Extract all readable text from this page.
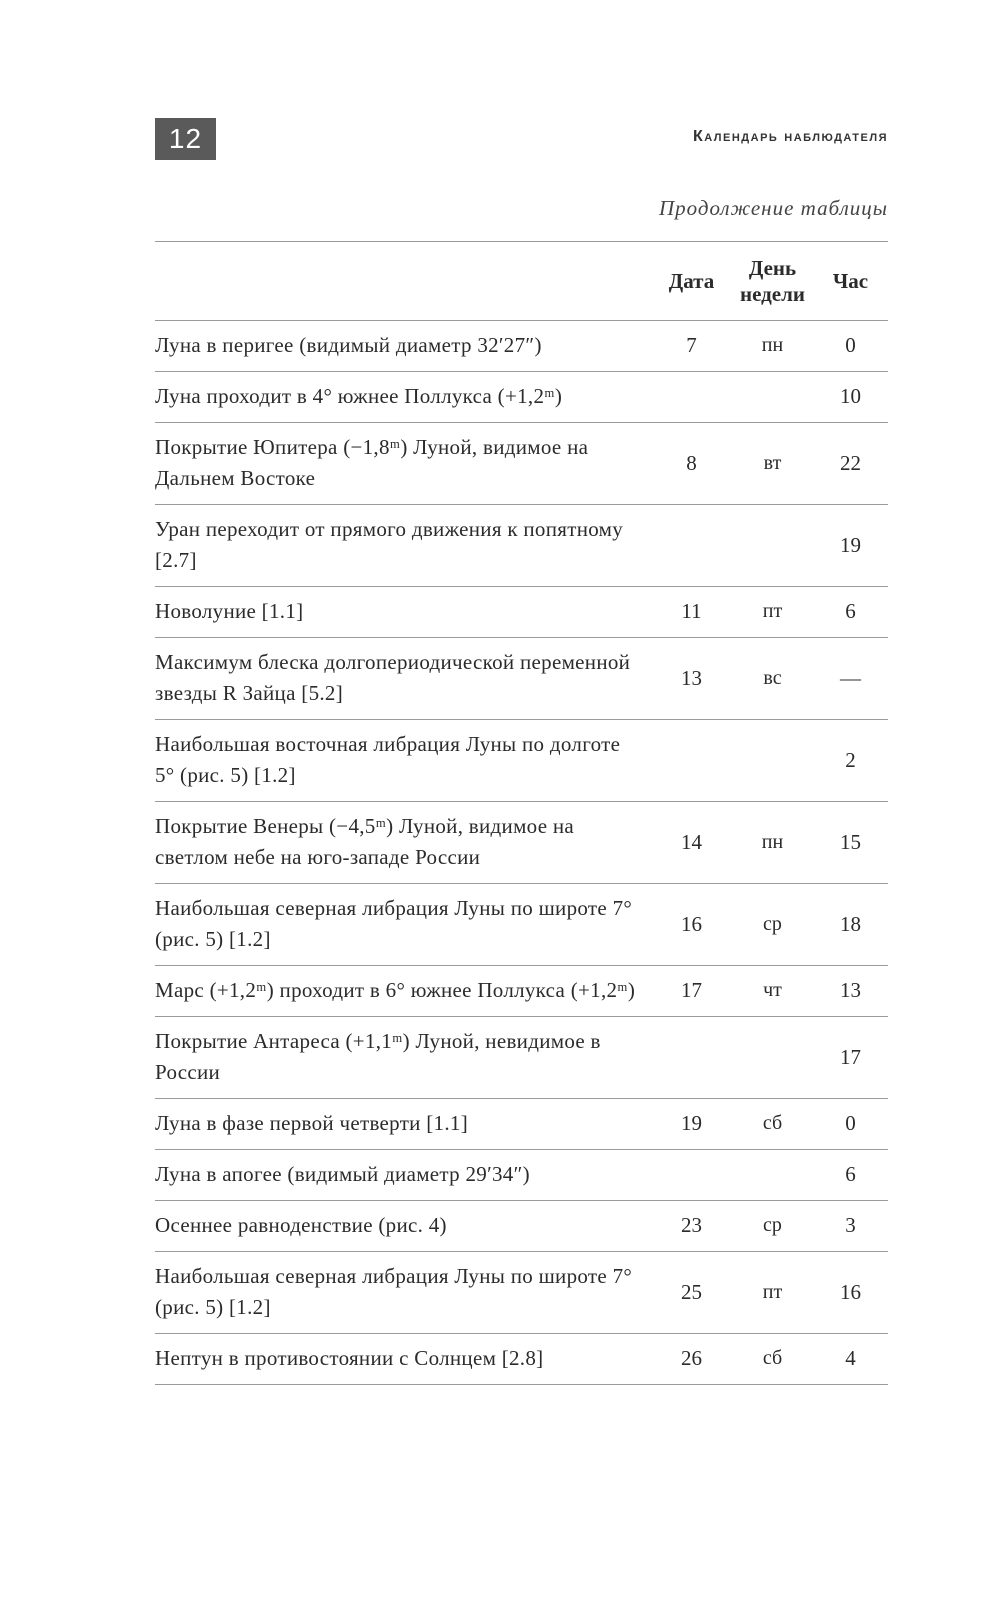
12	Календарь наблюдателя
Продолжение таблицы
	Дата	День недели	Час
Луна в перигее (видимый диаметр 32′27″)	7	пн	0
Луна проходит в 4° южнее Поллукса (+1,2ᵐ)			10
Покрытие Юпитера (−1,8ᵐ) Луной, видимое на Дальнем Востоке	8	вт	22
Уран переходит от прямого движения к попятному [2.7]			19
Новолуние [1.1]	11	пт	6
Максимум блеска долгопериодической переменной звезды R Зайца [5.2]	13	вс	—
Наибольшая восточная либрация Луны по долготе 5° (рис. 5) [1.2]			2
Покрытие Венеры (−4,5ᵐ) Луной, видимое на светлом небе на юго-западе России	14	пн	15
Наибольшая северная либрация Луны по широте 7° (рис. 5) [1.2]	16	ср	18
Марс (+1,2ᵐ) проходит в 6° южнее Поллукса (+1,2ᵐ)	17	чт	13
Покрытие Антареса (+1,1ᵐ) Луной, невидимое в России			17
Луна в фазе первой четверти [1.1]	19	сб	0
Луна в апогее (видимый диаметр 29′34″)			6
Осеннее равноденствие (рис. 4)	23	ср	3
Наибольшая северная либрация Луны по широте 7° (рис. 5) [1.2]	25	пт	16
Нептун в противостоянии с Солнцем [2.8]	26	сб	4
